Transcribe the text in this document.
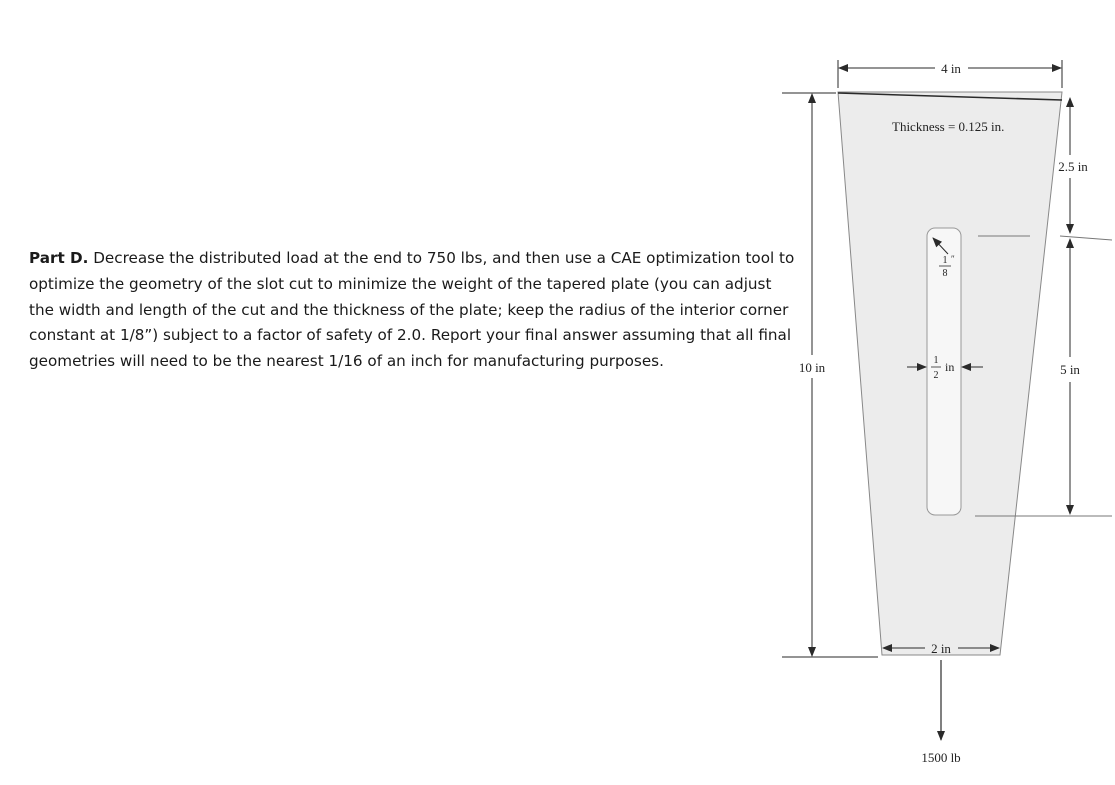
Part D. Decrease the distributed load at the end to 750 lbs, and then use a CAE optimization tool to optimize the geometry of the slot cut to minimize the weight of the tapered plate (you can adjust the width and length of the cut and the thickness of the plate; keep the radius of the interior corner constant at 1/8”) subject to a factor of safety of 2.0. Report your final answer assuming that all final geometries will need to be the nearest 1/16 of an inch for manufacturing purposes.
4 in
Thickness = 0.125 in.
10 in
2.5 in
5 in
1
8
″
1
2
in
2 in
1500 lb
